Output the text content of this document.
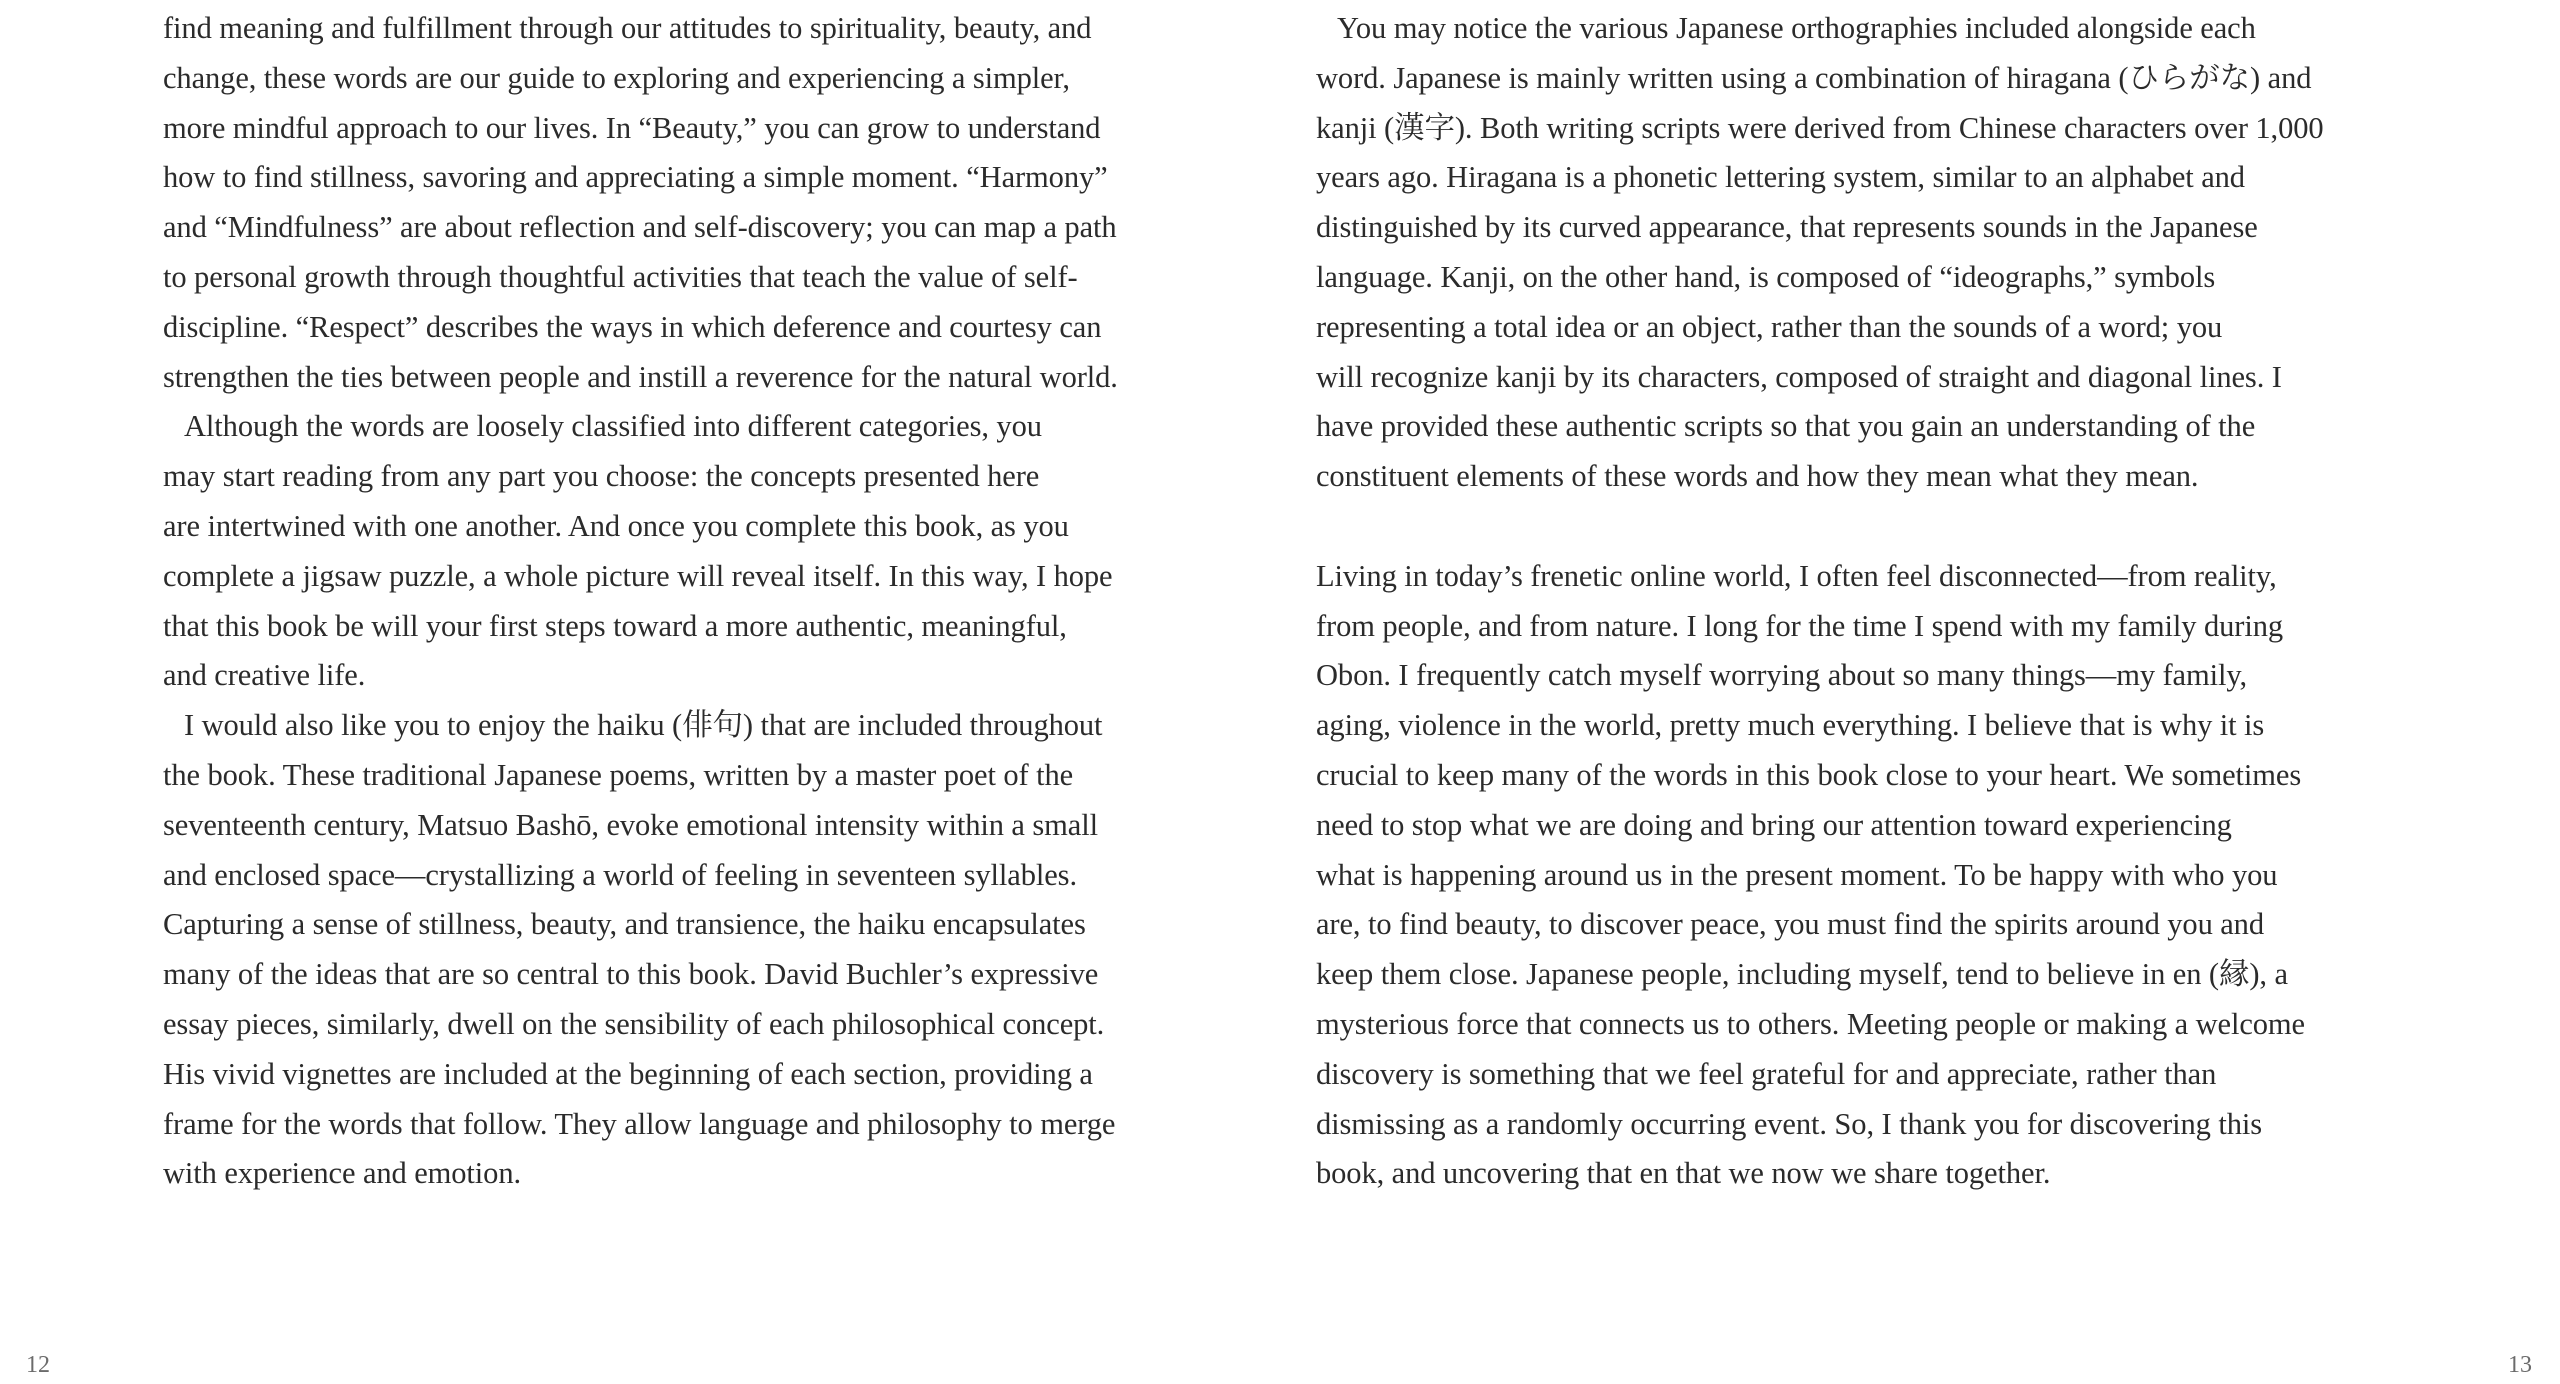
find meaning and fulfillment through our attitudes to spirituality, beauty, and
change, these words are our guide to exploring and experiencing a simpler,
more mindful approach to our lives. In “Beauty,” you can grow to understand
how to find stillness, savoring and appreciating a simple moment. “Harmony”
and “Mindfulness” are about reflection and self-discovery; you can map a path
to personal growth through thoughtful activities that teach the value of self-
discipline. “Respect” describes the ways in which deference and courtesy can
strengthen the ties between people and instill a reverence for the natural world.
Although the words are loosely classified into different categories, you
may start reading from any part you choose: the concepts presented here
are intertwined with one another. And once you complete this book, as you
complete a jigsaw puzzle, a whole picture will reveal itself. In this way, I hope
that this book be will your first steps toward a more authentic, meaningful,
and creative life.
I would also like you to enjoy the haiku (俳句) that are included throughout
the book. These traditional Japanese poems, written by a master poet of the
seventeenth century, Matsuo Bashō, evoke emotional intensity within a small
and enclosed space—crystallizing a world of feeling in seventeen syllables.
Capturing a sense of stillness, beauty, and transience, the haiku encapsulates
many of the ideas that are so central to this book. David Buchler’s expressive
essay pieces, similarly, dwell on the sensibility of each philosophical concept.
His vivid vignettes are included at the beginning of each section, providing a
frame for the words that follow. They allow language and philosophy to merge
with experience and emotion.
12
You may notice the various Japanese orthographies included alongside each
word. Japanese is mainly written using a combination of hiragana (ひらがな) and
kanji (漢字). Both writing scripts were derived from Chinese characters over 1,000
years ago. Hiragana is a phonetic lettering system, similar to an alphabet and
distinguished by its curved appearance, that represents sounds in the Japanese
language. Kanji, on the other hand, is composed of “ideographs,” symbols
representing a total idea or an object, rather than the sounds of a word; you
will recognize kanji by its characters, composed of straight and diagonal lines. I
have provided these authentic scripts so that you gain an understanding of the
constituent elements of these words and how they mean what they mean.
Living in today’s frenetic online world, I often feel disconnected—from reality,
from people, and from nature. I long for the time I spend with my family during
Obon. I frequently catch myself worrying about so many things—my family,
aging, violence in the world, pretty much everything. I believe that is why it is
crucial to keep many of the words in this book close to your heart. We sometimes
need to stop what we are doing and bring our attention toward experiencing
what is happening around us in the present moment. To be happy with who you
are, to find beauty, to discover peace, you must find the spirits around you and
keep them close. Japanese people, including myself, tend to believe in en (縁), a
mysterious force that connects us to others. Meeting people or making a welcome
discovery is something that we feel grateful for and appreciate, rather than
dismissing as a randomly occurring event. So, I thank you for discovering this
book, and uncovering that en that we now we share together.
13
